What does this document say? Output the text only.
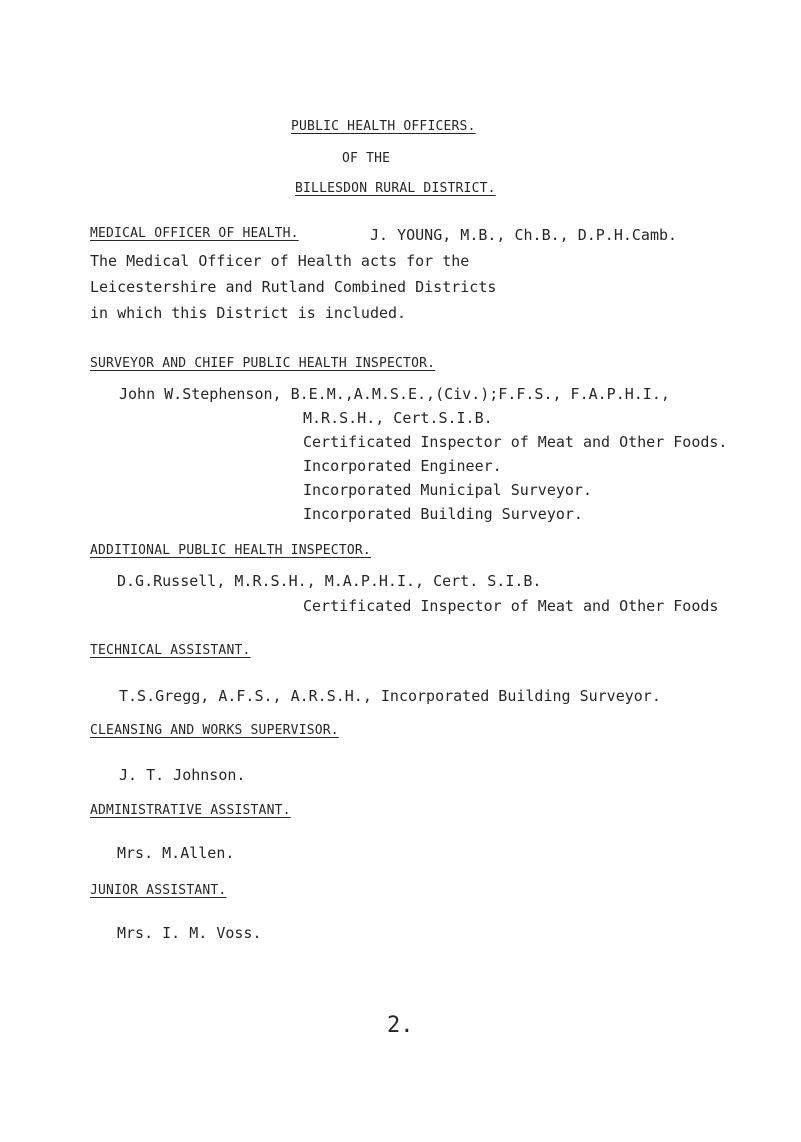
PUBLIC HEALTH OFFICERS.
OF THE
BILLESDON RURAL DISTRICT.
MEDICAL OFFICER OF HEALTH.	J. YOUNG, M.B., Ch.B., D.P.H.Camb.
The Medical Officer of Health acts for the
Leicestershire and Rutland Combined Districts
in which this District is included.
SURVEYOR AND CHIEF PUBLIC HEALTH INSPECTOR.
John W.Stephenson, B.E.M.,A.M.S.E.,(Civ.);F.F.S., F.A.P.H.I.,
M.R.S.H., Cert.S.I.B.
Certificated Inspector of Meat and Other Foods.
Incorporated Engineer.
Incorporated Municipal Surveyor.
Incorporated Building Surveyor.
ADDITIONAL PUBLIC HEALTH INSPECTOR.
D.G.Russell, M.R.S.H., M.A.P.H.I., Cert. S.I.B.
Certificated Inspector of Meat and Other Foods
TECHNICAL ASSISTANT.
T.S.Gregg, A.F.S., A.R.S.H., Incorporated Building Surveyor.
CLEANSING AND WORKS SUPERVISOR.
J. T. Johnson.
ADMINISTRATIVE ASSISTANT.
Mrs. M.Allen.
JUNIOR ASSISTANT.
Mrs. I. M. Voss.
2.
